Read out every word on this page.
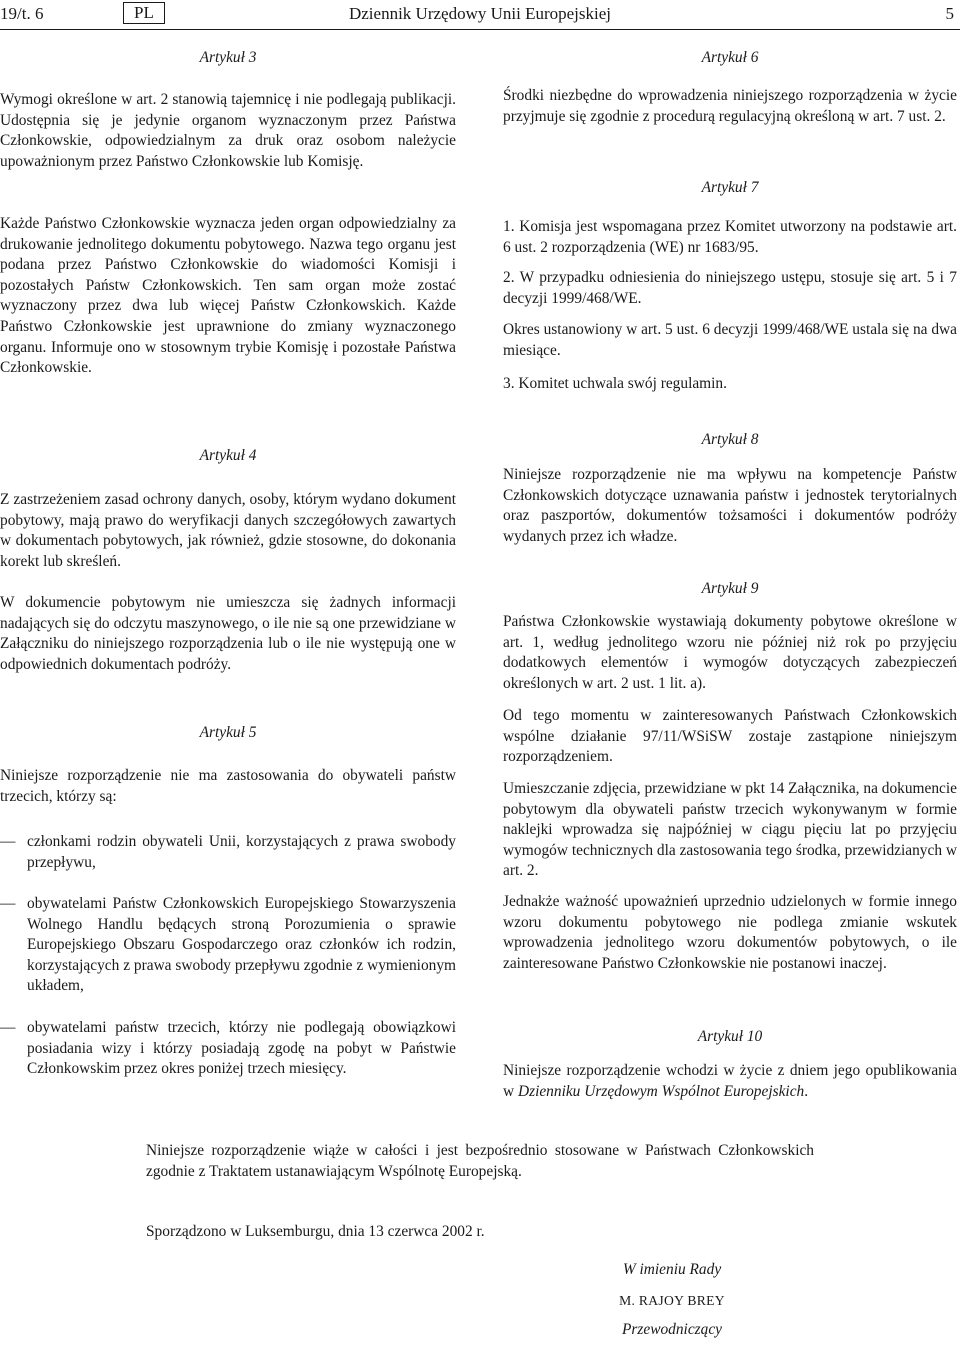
19/t. 6	PL	Dziennik Urzędowy Unii Europejskiej	5
Artykuł 3
Wymogi określone w art. 2 stanowią tajemnicę i nie podlegają publikacji. Udostępnia się je jedynie organom wyznaczonym przez Państwa Członkowskie, odpowiedzialnym za druk oraz osobom należycie upoważnionym przez Państwo Członkowskie lub Komisję.
Każde Państwo Członkowskie wyznacza jeden organ odpowiedzialny za drukowanie jednolitego dokumentu pobytowego. Nazwa tego organu jest podana przez Państwo Członkowskie do wiadomości Komisji i pozostałych Państw Członkowskich. Ten sam organ może zostać wyznaczony przez dwa lub więcej Państw Członkowskich. Każde Państwo Członkowskie jest uprawnione do zmiany wyznaczonego organu. Informuje ono w stosownym trybie Komisję i pozostałe Państwa Członkowskie.
Artykuł 4
Z zastrzeżeniem zasad ochrony danych, osoby, którym wydano dokument pobytowy, mają prawo do weryfikacji danych szczegółowych zawartych w dokumentach pobytowych, jak również, gdzie stosowne, do dokonania korekt lub skreśleń.
W dokumencie pobytowym nie umieszcza się żadnych informacji nadających się do odczytu maszynowego, o ile nie są one przewidziane w Załączniku do niniejszego rozporządzenia lub o ile nie występują one w odpowiednich dokumentach podróży.
Artykuł 5
Niniejsze rozporządzenie nie ma zastosowania do obywateli państw trzecich, którzy są:
— członkami rodzin obywateli Unii, korzystających z prawa swobody przepływu,
— obywatelami Państw Członkowskich Europejskiego Stowarzyszenia Wolnego Handlu będących stroną Porozumienia o sprawie Europejskiego Obszaru Gospodarczego oraz członków ich rodzin, korzystających z prawa swobody przepływu zgodnie z wymienionym układem,
— obywatelami państw trzecich, którzy nie podlegają obowiązkowi posiadania wizy i którzy posiadają zgodę na pobyt w Państwie Członkowskim przez okres poniżej trzech miesięcy.
Artykuł 6
Środki niezbędne do wprowadzenia niniejszego rozporządzenia w życie przyjmuje się zgodnie z procedurą regulacyjną określoną w art. 7 ust. 2.
Artykuł 7
1. Komisja jest wspomagana przez Komitet utworzony na podstawie art. 6 ust. 2 rozporządzenia (WE) nr 1683/95.
2. W przypadku odniesienia do niniejszego ustępu, stosuje się art. 5 i 7 decyzji 1999/468/WE.
Okres ustanowiony w art. 5 ust. 6 decyzji 1999/468/WE ustala się na dwa miesiące.
3. Komitet uchwala swój regulamin.
Artykuł 8
Niniejsze rozporządzenie nie ma wpływu na kompetencje Państw Członkowskich dotyczące uznawania państw i jednostek terytorialnych oraz paszportów, dokumentów tożsamości i dokumentów podróży wydanych przez ich władze.
Artykuł 9
Państwa Członkowskie wystawiają dokumenty pobytowe określone w art. 1, według jednolitego wzoru nie później niż rok po przyjęciu dodatkowych elementów i wymogów dotyczących zabezpieczeń określonych w art. 2 ust. 1 lit. a).
Od tego momentu w zainteresowanych Państwach Członkowskich wspólne działanie 97/11/WSiSW zostaje zastąpione niniejszym rozporządzeniem.
Umieszczanie zdjęcia, przewidziane w pkt 14 Załącznika, na dokumencie pobytowym dla obywateli państw trzecich wykonywanym w formie naklejki wprowadza się najpóźniej w ciągu pięciu lat po przyjęciu wymogów technicznych dla zastosowania tego środka, przewidzianych w art. 2.
Jednakże ważność upoważnień uprzednio udzielonych w formie innego wzoru dokumentu pobytowego nie podlega zmianie wskutek wprowadzenia jednolitego wzoru dokumentów pobytowych, o ile zainteresowane Państwo Członkowskie nie postanowi inaczej.
Artykuł 10
Niniejsze rozporządzenie wchodzi w życie z dniem jego opublikowania w Dzienniku Urzędowym Wspólnot Europejskich.
Niniejsze rozporządzenie wiąże w całości i jest bezpośrednio stosowane w Państwach Członkowskich zgodnie z Traktatem ustanawiającym Wspólnotę Europejską.
Sporządzono w Luksemburgu, dnia 13 czerwca 2002 r.
W imieniu Rady
M. RAJOY BREY
Przewodniczący
